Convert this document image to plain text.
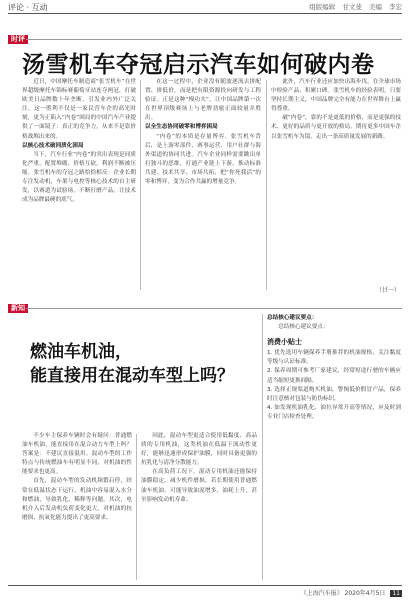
评论 · 互动	组版编辑 甘文斐 美编 李宏
时评
汤雪机车夺冠启示汽车如何破内卷

近日，中国摩托车制造商“张雪机车”在世界超级摩托车锦标赛葡萄牙站连夺两冠，打破欧美日品牌数十年垄断，引发业内外广泛关注。这一胜利不仅是一家民营车企的高光时刻，更为正陷入“内卷”困局的中国汽车产业提供了一面镜子：真正的竞争力，从来不是靠价格战堆出来的。

以核心技术破同质化困局

当下，汽车行业“内卷”的突出表现是同质化严重，配置堆砌、价格互砍，利润不断被压缩。张雪机车的夺冠之路恰恰相反：企业长期专注发动机、车架与电控等核心技术的自主研发，以赛道为试验场，不断打磨产品，让技术成为品牌最硬的底气。

在这一过程中，企业没有随波逐流去拼配置、拼低价，而是把有限资源投向研发与工程验证。正是这种“慢功夫”，让中国品牌第一次在世界顶级赛场上与老牌劲旅正面较量并胜出。

以全生态协同破零和博弈困局

“内卷”的本质是存量博弈。张雪机车背后，是上游零部件、赛事运营、用户社群与海外渠道的协同共进。汽车企业同样需要跳出单打独斗的思维，打通产业链上下游，推动标准共建、技术共享、市场共拓，把“你死我活”的零和博弈，变为合作共赢的增量竞争。

此外，汽车行业还应加快出海步伐，在全球市场中检验产品、积累口碑。张雪机车的经验表明，只要坚持长期主义，中国品牌完全有能力在世界舞台上赢得尊重。

破“内卷”，靠的不是更低的价格，而是更强的技术、更好的品质与更开放的格局。期待更多中国车企以张雪机车为镜，走出一条高质量发展的新路。

（甘一）
新知
燃油车机油，
能直接用在混动车型上吗？

不少车主保养车辆时会有疑问：普通燃油车机油，能直接用在混合动力车型上吗？答案是：不建议直接混用。混动车型的工作特点与传统燃油车有明显不同，对机油的性能要求也更高。

首先，混动车型的发动机频繁启停，经常在低温状态下运行，机油中容易混入水分和燃油，导致乳化、稀释等问题。其次，电机介入后发动机负荷变化更大，对机油的抗磨损、抗氧化能力提出了更高要求。

因此，混动车型更适合使用低黏度、高品质的专用机油，这类机油在低温下流动性更好，能够迅速形成保护油膜，同时具备更强的抗乳化与清净分散能力。

在高负荷工况下，混动专用机油还能保持油膜稳定，减少机件磨损。若长期使用普通燃油车机油，可能导致油泥增多、油耗上升，甚至影响发动机寿命。

总结核心建议要点：

总结核心建议要点：

消费小贴士

1. 优先选用车辆保养手册推荐的机油规格，关注黏度等级与认证标准。

2. 保养周期可参考厂家建议，经常短途行驶的车辆应适当缩短更换间隔。

3. 选择正规渠道购买机油，警惕低价假冒产品，保养时注意核对包装与防伪标识。

4. 如发现机油乳化、油位异常升高等情况，应及时到专业门店检查处理。

《上海汽车报》 2020年4月5日 11
